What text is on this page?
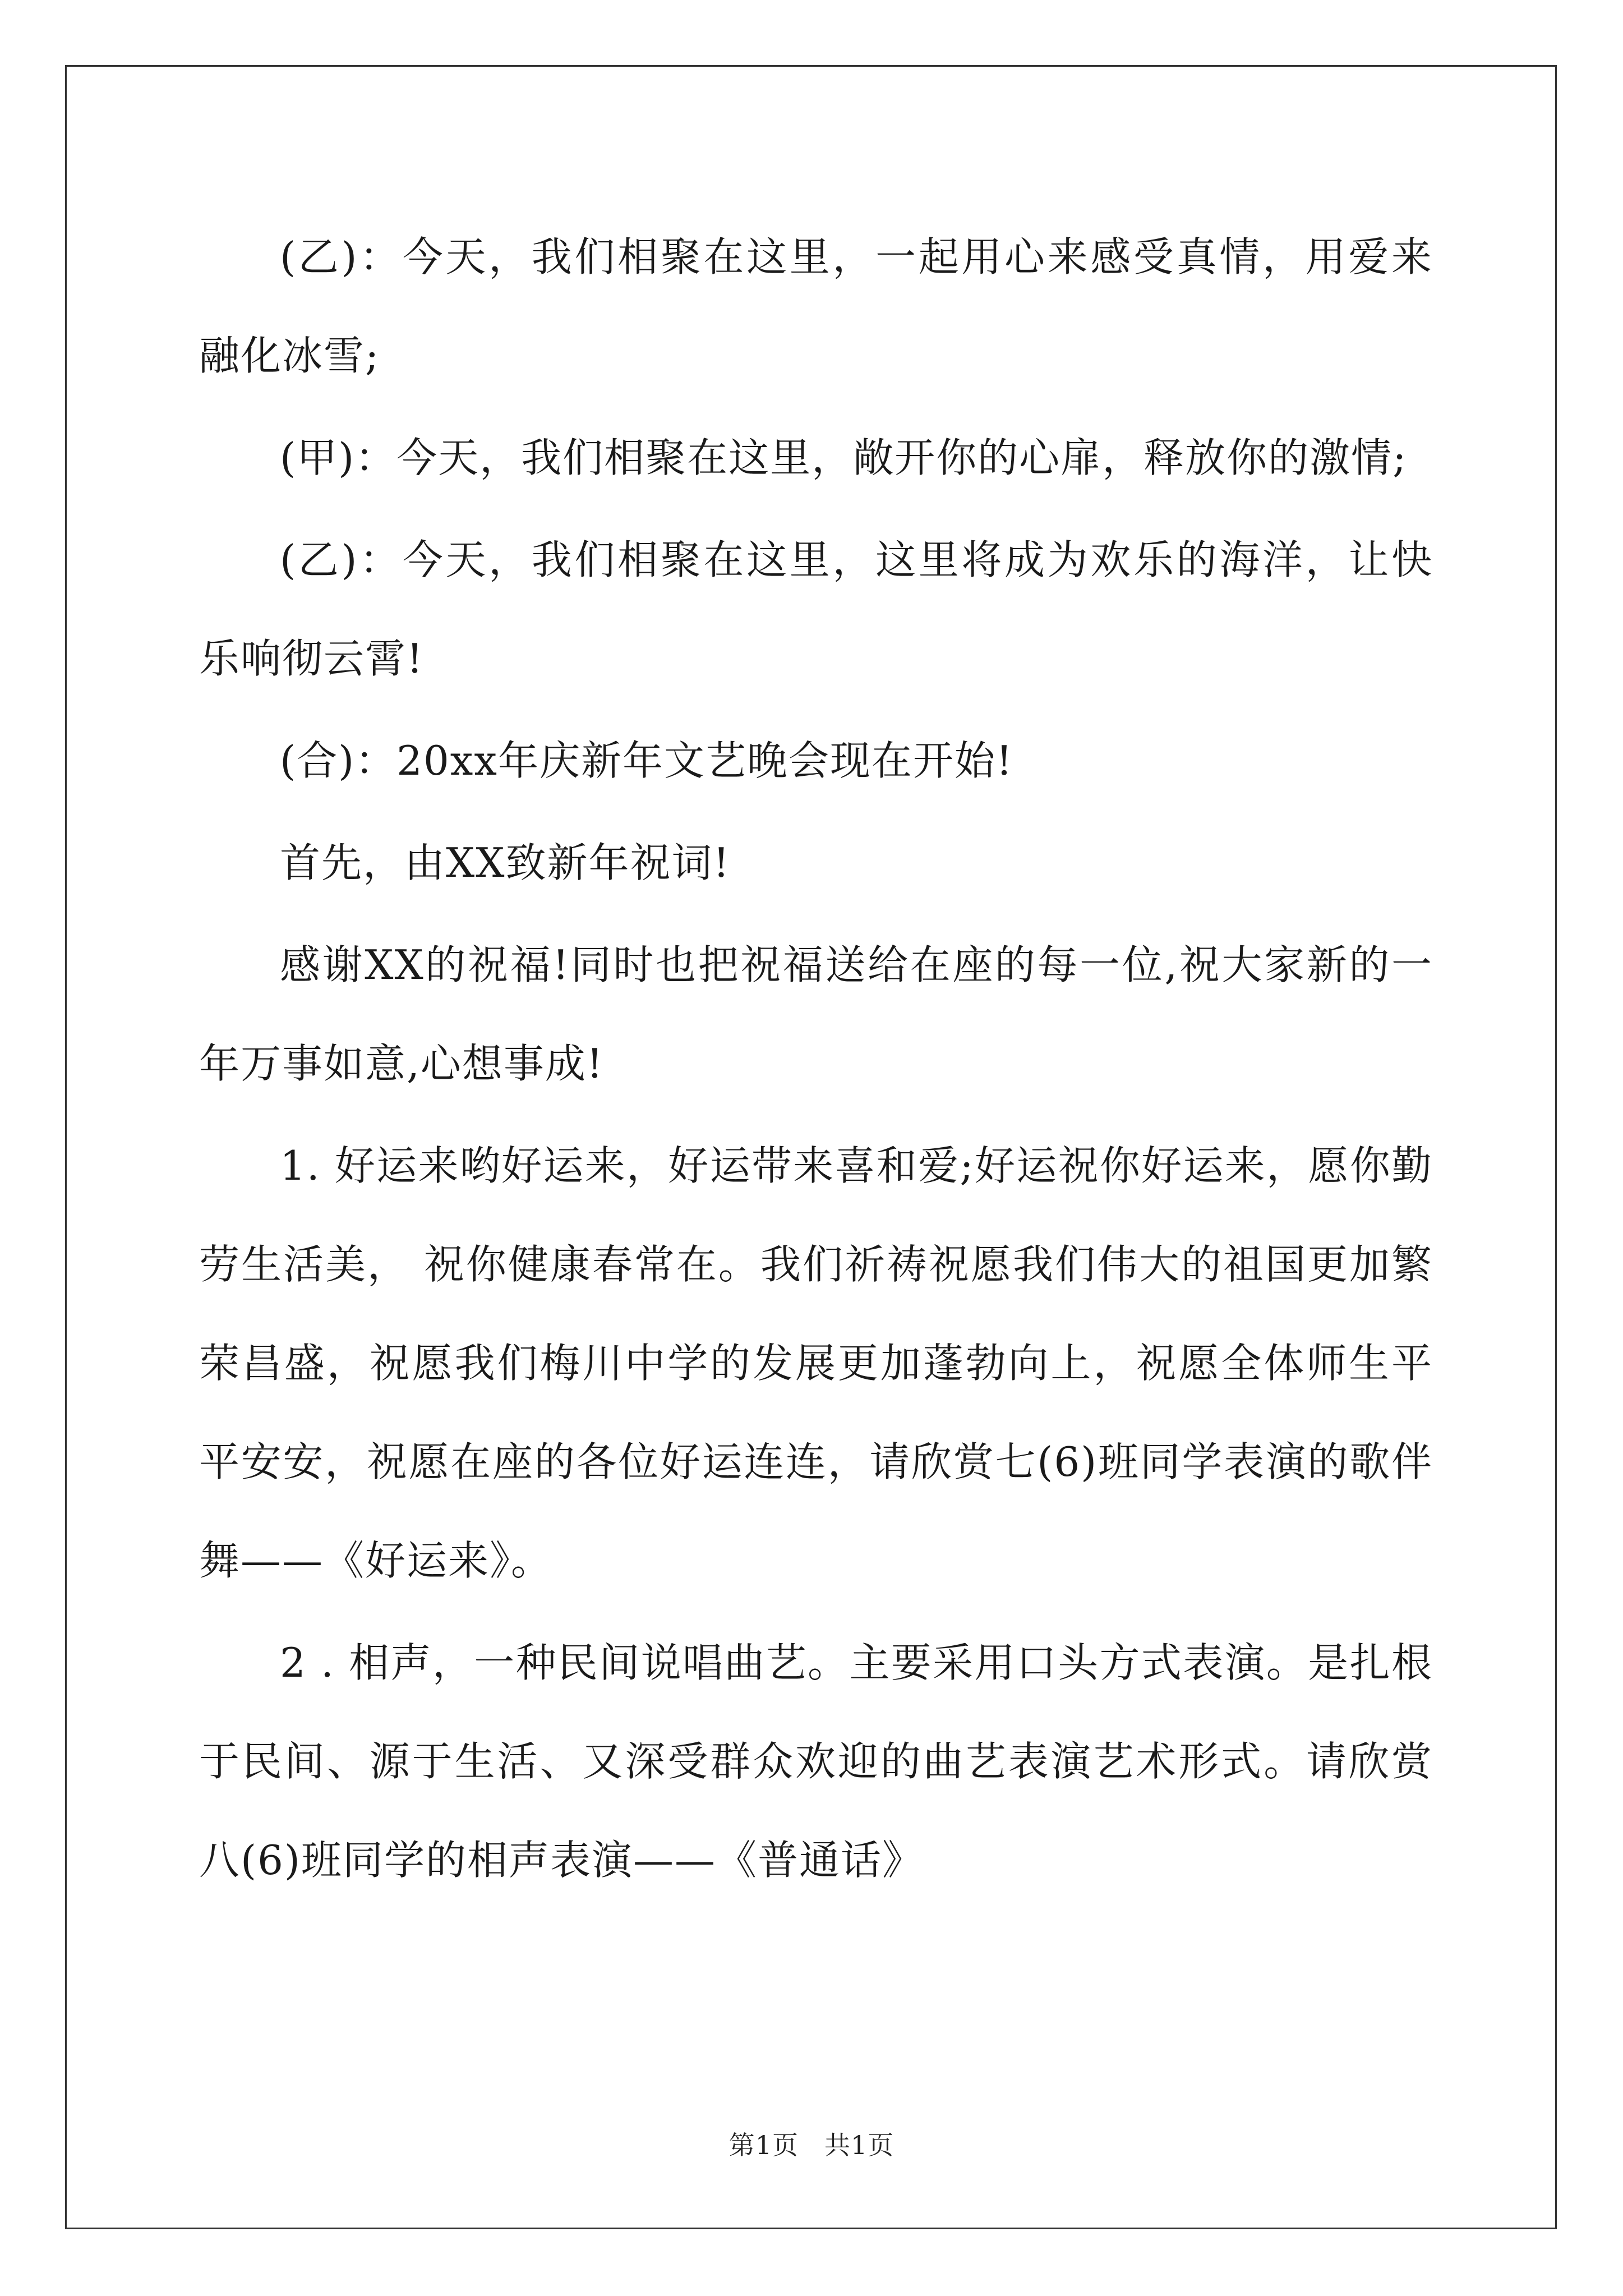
(乙)：今天，我们相聚在这里，一起用心来感受真情，用爱来融化冰雪;

(甲)：今天，我们相聚在这里，敞开你的心扉，释放你的激情;

(乙)：今天，我们相聚在这里，这里将成为欢乐的海洋，让快乐响彻云霄!

(合)：20xx年庆新年文艺晚会现在开始!

首先，由XX致新年祝词!

感谢XX的祝福!同时也把祝福送给在座的每一位,祝大家新的一年万事如意,心想事成!

1. 好运来哟好运来，好运带来喜和爱;好运祝你好运来，愿你勤劳生活美， 祝你健康春常在。我们祈祷祝愿我们伟大的祖国更加繁荣昌盛，祝愿我们梅川中学的发展更加蓬勃向上，祝愿全体师生平平安安，祝愿在座的各位好运连连，请欣赏七(6)班同学表演的歌伴舞——《好运来》。

2 . 相声，一种民间说唱曲艺。主要采用口头方式表演。是扎根于民间、源于生活、又深受群众欢迎的曲艺表演艺术形式。请欣赏八(6)班同学的相声表演——《普通话》

第1页 共1页
